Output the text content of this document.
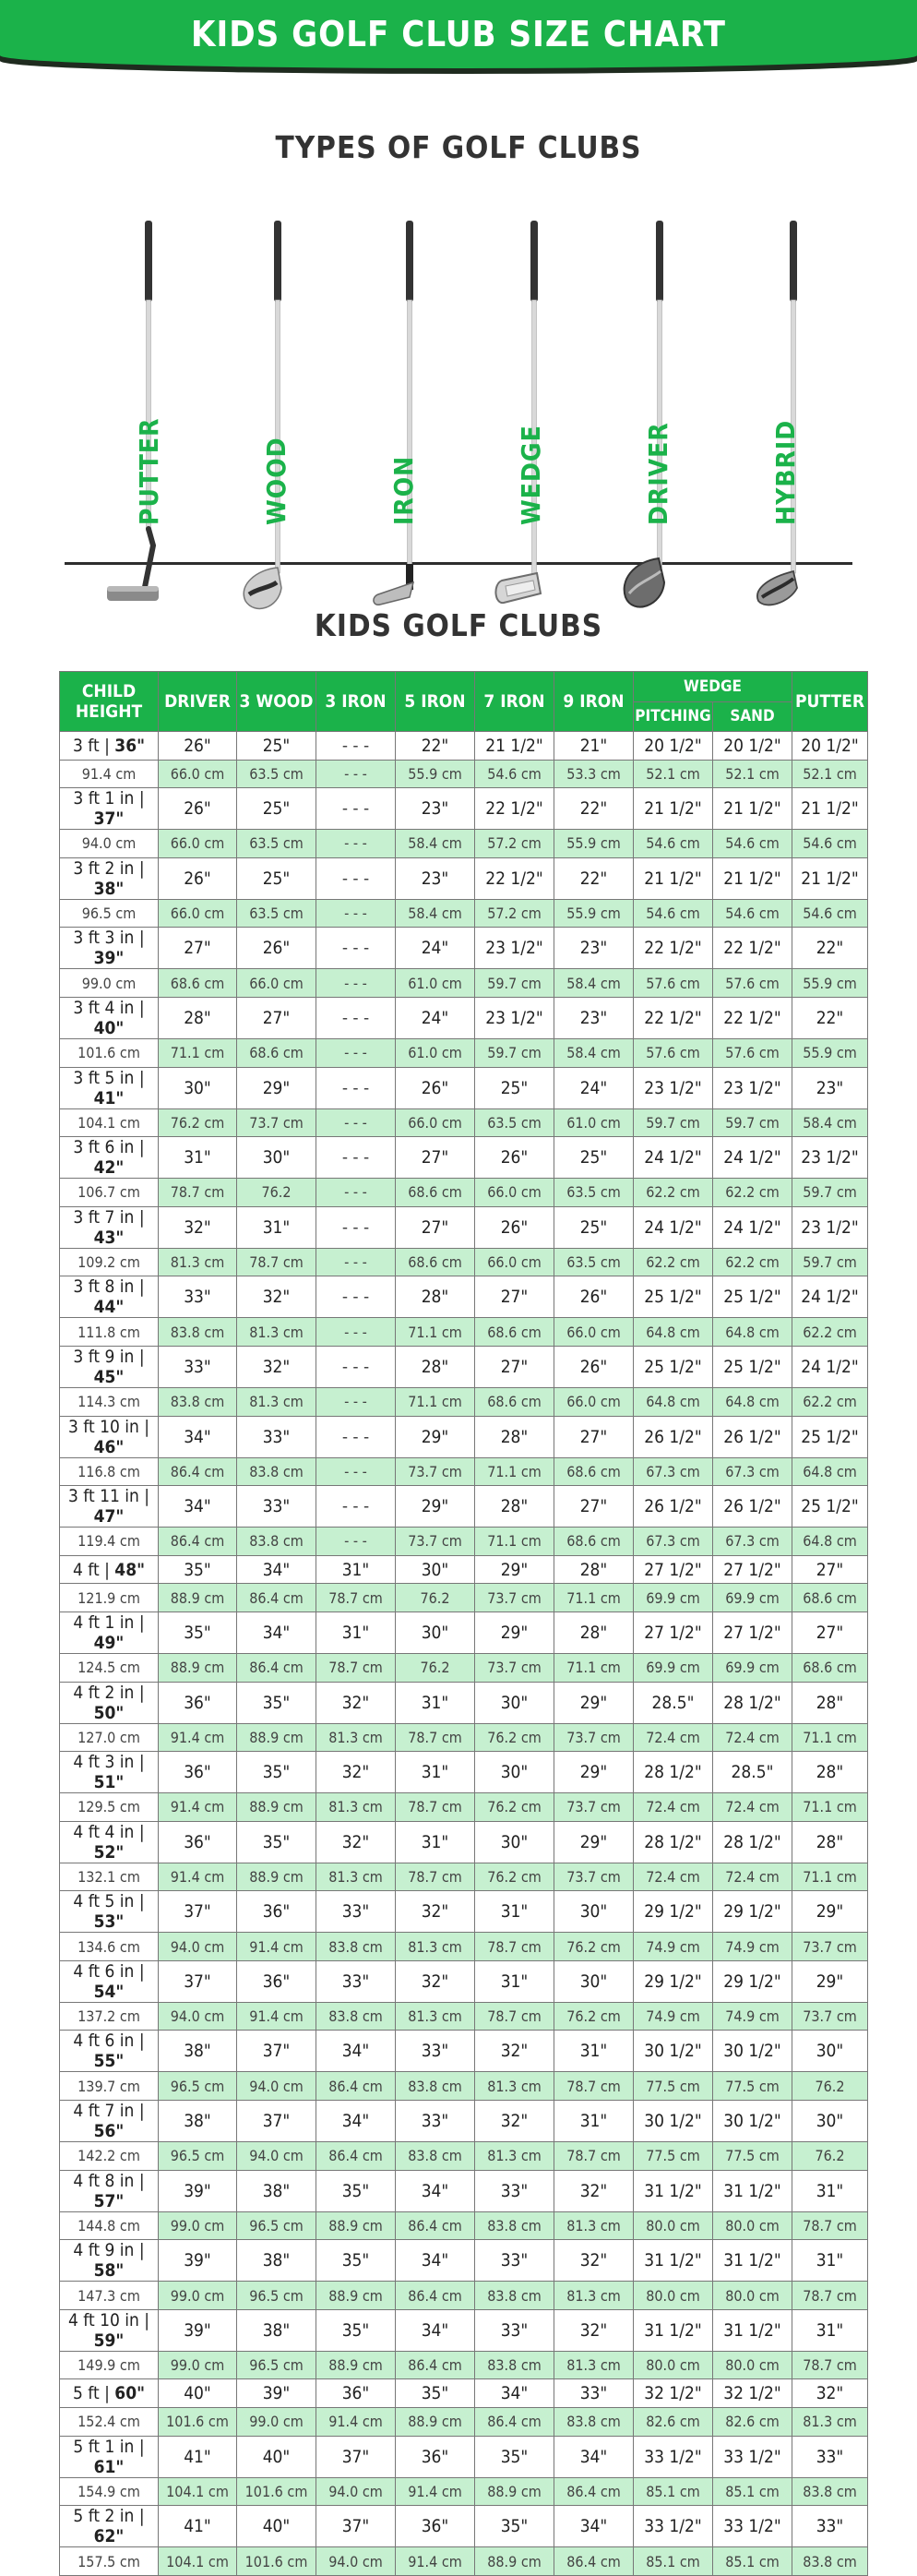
KIDS GOLF CLUB SIZE CHART
TYPES OF GOLF CLUBS
PUTTER	WOOD	IRON	WEDGE	DRIVER	HYBRID
KIDS GOLF CLUBS
CHILD HEIGHT	DRIVER	3 WOOD	3 IRON	5 IRON	7 IRON	9 IRON	WEDGE		PUTTER
							PITCHING	SAND	
3 ft | 36"	26"	25"	- - -	22"	21 1/2"	21"	20 1/2"	20 1/2"	20 1/2"
91.4 cm	66.0 cm	63.5 cm	- - -	55.9 cm	54.6 cm	53.3 cm	52.1 cm	52.1 cm	52.1 cm
3 ft 1 in | 37"	26"	25"	- - -	23"	22 1/2"	22"	21 1/2"	21 1/2"	21 1/2"
94.0 cm	66.0 cm	63.5 cm	- - -	58.4 cm	57.2 cm	55.9 cm	54.6 cm	54.6 cm	54.6 cm
3 ft 2 in | 38"	26"	25"	- - -	23"	22 1/2"	22"	21 1/2"	21 1/2"	21 1/2"
96.5 cm	66.0 cm	63.5 cm	- - -	58.4 cm	57.2 cm	55.9 cm	54.6 cm	54.6 cm	54.6 cm
3 ft 3 in | 39"	27"	26"	- - -	24"	23 1/2"	23"	22 1/2"	22 1/2"	22"
99.0 cm	68.6 cm	66.0 cm	- - -	61.0 cm	59.7 cm	58.4 cm	57.6 cm	57.6 cm	55.9 cm
3 ft 4 in | 40"	28"	27"	- - -	24"	23 1/2"	23"	22 1/2"	22 1/2"	22"
101.6 cm	71.1 cm	68.6 cm	- - -	61.0 cm	59.7 cm	58.4 cm	57.6 cm	57.6 cm	55.9 cm
3 ft 5 in | 41"	30"	29"	- - -	26"	25"	24"	23 1/2"	23 1/2"	23"
104.1 cm	76.2 cm	73.7 cm	- - -	66.0 cm	63.5 cm	61.0 cm	59.7 cm	59.7 cm	58.4 cm
3 ft 6 in | 42"	31"	30"	- - -	27"	26"	25"	24 1/2"	24 1/2"	23 1/2"
106.7 cm	78.7 cm	76.2	- - -	68.6 cm	66.0 cm	63.5 cm	62.2 cm	62.2 cm	59.7 cm
3 ft 7 in | 43"	32"	31"	- - -	27"	26"	25"	24 1/2"	24 1/2"	23 1/2"
109.2 cm	81.3 cm	78.7 cm	- - -	68.6 cm	66.0 cm	63.5 cm	62.2 cm	62.2 cm	59.7 cm
3 ft 8 in | 44"	33"	32"	- - -	28"	27"	26"	25 1/2"	25 1/2"	24 1/2"
111.8 cm	83.8 cm	81.3 cm	- - -	71.1 cm	68.6 cm	66.0 cm	64.8 cm	64.8 cm	62.2 cm
3 ft 9 in | 45"	33"	32"	- - -	28"	27"	26"	25 1/2"	25 1/2"	24 1/2"
114.3 cm	83.8 cm	81.3 cm	- - -	71.1 cm	68.6 cm	66.0 cm	64.8 cm	64.8 cm	62.2 cm
3 ft 10 in | 46"	34"	33"	- - -	29"	28"	27"	26 1/2"	26 1/2"	25 1/2"
116.8 cm	86.4 cm	83.8 cm	- - -	73.7 cm	71.1 cm	68.6 cm	67.3 cm	67.3 cm	64.8 cm
3 ft 11 in | 47"	34"	33"	- - -	29"	28"	27"	26 1/2"	26 1/2"	25 1/2"
119.4 cm	86.4 cm	83.8 cm	- - -	73.7 cm	71.1 cm	68.6 cm	67.3 cm	67.3 cm	64.8 cm
4 ft | 48"	35"	34"	31"	30"	29"	28"	27 1/2"	27 1/2"	27"
121.9 cm	88.9 cm	86.4 cm	78.7 cm	76.2	73.7 cm	71.1 cm	69.9 cm	69.9 cm	68.6 cm
4 ft 1 in | 49"	35"	34"	31"	30"	29"	28"	27 1/2"	27 1/2"	27"
124.5 cm	88.9 cm	86.4 cm	78.7 cm	76.2	73.7 cm	71.1 cm	69.9 cm	69.9 cm	68.6 cm
4 ft 2 in | 50"	36"	35"	32"	31"	30"	29"	28.5"	28 1/2"	28"
127.0 cm	91.4 cm	88.9 cm	81.3 cm	78.7 cm	76.2 cm	73.7 cm	72.4 cm	72.4 cm	71.1 cm
4 ft 3 in | 51"	36"	35"	32"	31"	30"	29"	28 1/2"	28.5"	28"
129.5 cm	91.4 cm	88.9 cm	81.3 cm	78.7 cm	76.2 cm	73.7 cm	72.4 cm	72.4 cm	71.1 cm
4 ft 4 in | 52"	36"	35"	32"	31"	30"	29"	28 1/2"	28 1/2"	28"
132.1 cm	91.4 cm	88.9 cm	81.3 cm	78.7 cm	76.2 cm	73.7 cm	72.4 cm	72.4 cm	71.1 cm
4 ft 5 in | 53"	37"	36"	33"	32"	31"	30"	29 1/2"	29 1/2"	29"
134.6 cm	94.0 cm	91.4 cm	83.8 cm	81.3 cm	78.7 cm	76.2 cm	74.9 cm	74.9 cm	73.7 cm
4 ft 6 in | 54"	37"	36"	33"	32"	31"	30"	29 1/2"	29 1/2"	29"
137.2 cm	94.0 cm	91.4 cm	83.8 cm	81.3 cm	78.7 cm	76.2 cm	74.9 cm	74.9 cm	73.7 cm
4 ft 6 in | 55"	38"	37"	34"	33"	32"	31"	30 1/2"	30 1/2"	30"
139.7 cm	96.5 cm	94.0 cm	86.4 cm	83.8 cm	81.3 cm	78.7 cm	77.5 cm	77.5 cm	76.2
4 ft 7 in | 56"	38"	37"	34"	33"	32"	31"	30 1/2"	30 1/2"	30"
142.2 cm	96.5 cm	94.0 cm	86.4 cm	83.8 cm	81.3 cm	78.7 cm	77.5 cm	77.5 cm	76.2
4 ft 8 in | 57"	39"	38"	35"	34"	33"	32"	31 1/2"	31 1/2"	31"
144.8 cm	99.0 cm	96.5 cm	88.9 cm	86.4 cm	83.8 cm	81.3 cm	80.0 cm	80.0 cm	78.7 cm
4 ft 9 in | 58"	39"	38"	35"	34"	33"	32"	31 1/2"	31 1/2"	31"
147.3 cm	99.0 cm	96.5 cm	88.9 cm	86.4 cm	83.8 cm	81.3 cm	80.0 cm	80.0 cm	78.7 cm
4 ft 10 in | 59"	39"	38"	35"	34"	33"	32"	31 1/2"	31 1/2"	31"
149.9 cm	99.0 cm	96.5 cm	88.9 cm	86.4 cm	83.8 cm	81.3 cm	80.0 cm	80.0 cm	78.7 cm
5 ft | 60"	40"	39"	36"	35"	34"	33"	32 1/2"	32 1/2"	32"
152.4 cm	101.6 cm	99.0 cm	91.4 cm	88.9 cm	86.4 cm	83.8 cm	82.6 cm	82.6 cm	81.3 cm
5 ft 1 in | 61"	41"	40"	37"	36"	35"	34"	33 1/2"	33 1/2"	33"
154.9 cm	104.1 cm	101.6 cm	94.0 cm	91.4 cm	88.9 cm	86.4 cm	85.1 cm	85.1 cm	83.8 cm
5 ft 2 in | 62"	41"	40"	37"	36"	35"	34"	33 1/2"	33 1/2"	33"
157.5 cm	104.1 cm	101.6 cm	94.0 cm	91.4 cm	88.9 cm	86.4 cm	85.1 cm	85.1 cm	83.8 cm
